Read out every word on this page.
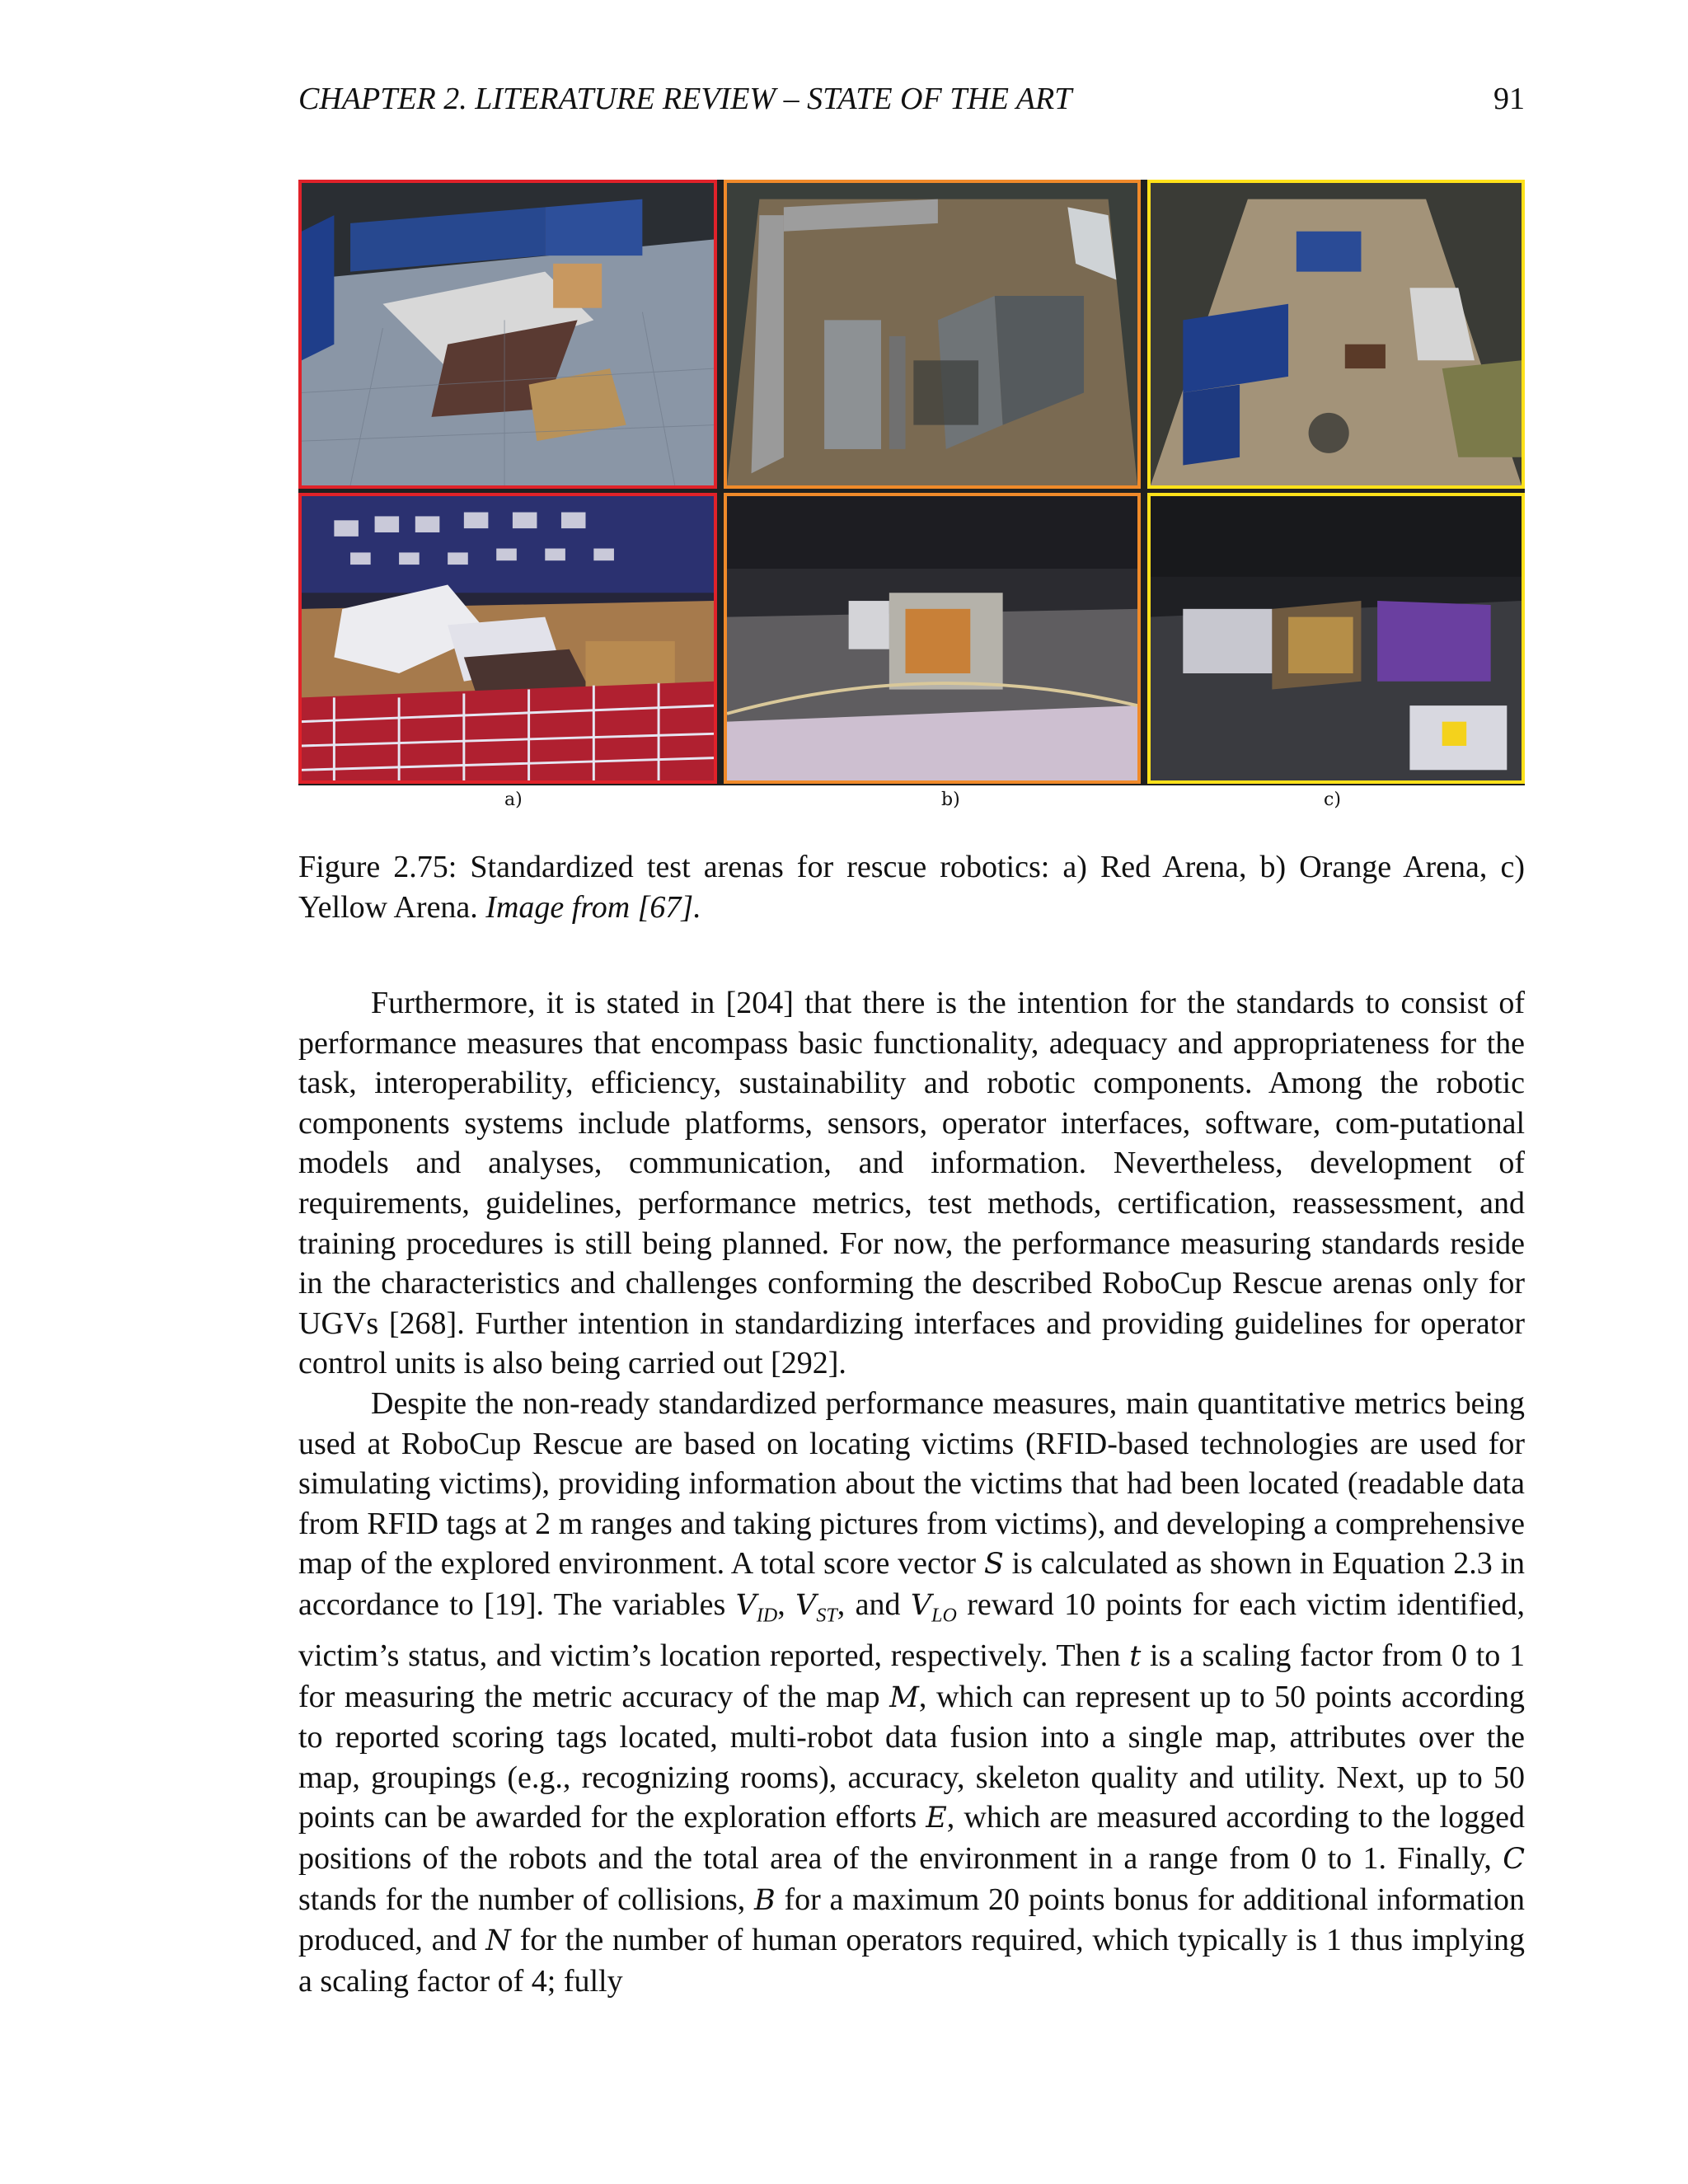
CHAPTER 2. LITERATURE REVIEW – STATE OF THE ART	91
a)	b)	c)
Figure 2.75: Standardized test arenas for rescue robotics: a) Red Arena, b) Orange Arena, c) Yellow Arena. Image from [67].

Furthermore, it is stated in [204] that there is the intention for the standards to consist of performance measures that encompass basic functionality, adequacy and appropriateness for the task, interoperability, efficiency, sustainability and robotic components. Among the robotic components systems include platforms, sensors, operator interfaces, software, com-putational models and analyses, communication, and information. Nevertheless, development of requirements, guidelines, performance metrics, test methods, certification, reassessment, and training procedures is still being planned. For now, the performance measuring standards reside in the characteristics and challenges conforming the described RoboCup Rescue arenas only for UGVs [268]. Further intention in standardizing interfaces and providing guidelines for operator control units is also being carried out [292].

Despite the non-ready standardized performance measures, main quantitative metrics being used at RoboCup Rescue are based on locating victims (RFID-based technologies are used for simulating victims), providing information about the victims that had been located (readable data from RFID tags at 2 m ranges and taking pictures from victims), and developing a comprehensive map of the explored environment. A total score vector S is calculated as shown in Equation 2.3 in accordance to [19]. The variables $V_{ID}$, $V_{ST}$, and $V_{LO}$ reward 10 points for each victim identified, victim’s status, and victim’s location reported, respectively. Then t is a scaling factor from 0 to 1 for measuring the metric accuracy of the map M, which can represent up to 50 points according to reported scoring tags located, multi-robot data fusion into a single map, attributes over the map, groupings (e.g., recognizing rooms), accuracy, skeleton quality and utility. Next, up to 50 points can be awarded for the exploration efforts E, which are measured according to the logged positions of the robots and the total area of the environment in a range from 0 to 1. Finally, C stands for the number of collisions, B for a maximum 20 points bonus for additional information produced, and N for the number of human operators required, which typically is 1 thus implying a scaling factor of 4; fully
